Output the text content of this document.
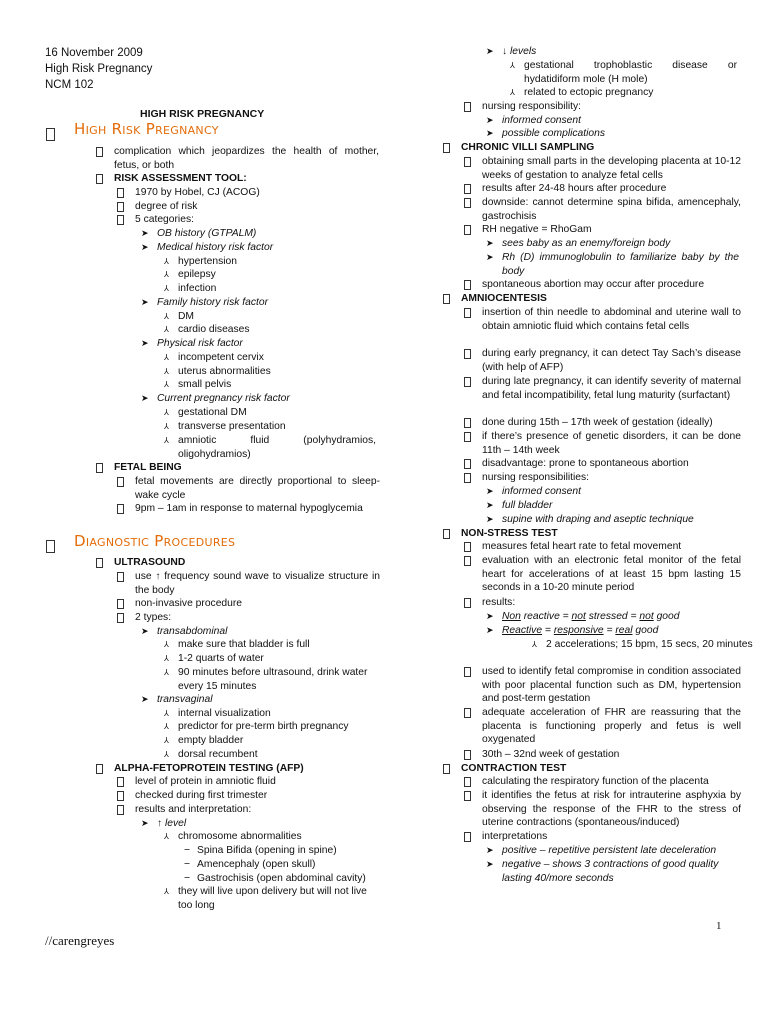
16 November 2009
High Risk Pregnancy
NCM 102
HIGH RISK PREGNANCY
High Risk Pregnancy
complication which jeopardizes the health of mother, fetus, or both
RISK ASSESSMENT TOOL:
1970 by Hobel, CJ (ACOG)
degree of risk
5 categories:
➤ OB history (GTPALM)
➤ Medical history risk factor
⅄ hypertension
⅄ epilepsy
⅄ infection
➤ Family history risk factor
⅄ DM
⅄ cardio diseases
➤ Physical risk factor
⅄ incompetent cervix
⅄ uterus abnormalities
⅄ small pelvis
➤ Current pregnancy risk factor
⅄ gestational DM
⅄ transverse presentation
⅄ amniotic fluid (polyhydramios, oligohydramios)
FETAL BEING
fetal movements are directly proportional to sleep-wake cycle
9pm – 1am in response to maternal hypoglycemia
Diagnostic Procedures
ULTRASOUND
use ↑ frequency sound wave to visualize structure in the body
non-invasive procedure
2 types:
➤ transabdominal
⅄ make sure that bladder is full
⅄ 1-2 quarts of water
⅄ 90 minutes before ultrasound, drink water every 15 minutes
➤ transvaginal
⅄ internal visualization
⅄ predictor for pre-term birth pregnancy
⅄ empty bladder
⅄ dorsal recumbent
ALPHA-FETOPROTEIN TESTING (AFP)
level of protein in amniotic fluid
checked during first trimester
results and interpretation:
➤ ↑ level
⅄ chromosome abnormalities
− Spina Bifida (opening in spine)
− Amencephaly (open skull)
− Gastrochisis (open abdominal cavity)
⅄ they will live upon delivery but will not live too long
➤ ↓ levels
⅄ gestational trophoblastic disease or hydatidiform mole (H mole)
⅄ related to ectopic pregnancy
nursing responsibility:
➤ informed consent
➤ possible complications
CHRONIC VILLI SAMPLING
obtaining small parts in the developing placenta at 10-12 weeks of gestation to analyze fetal cells
results after 24-48 hours after procedure
downside: cannot determine spina bifida, amencephaly, gastrochisis
RH negative = RhoGam
➤ sees baby as an enemy/foreign body
➤ Rh (D) immunoglobulin to familiarize baby by the body
spontaneous abortion may occur after procedure
AMNIOCENTESIS
insertion of thin needle to abdominal and uterine wall to obtain amniotic fluid which contains fetal cells
during early pregnancy, it can detect Tay Sach’s disease (with help of AFP)
during late pregnancy, it can identify severity of maternal and fetal incompatibility, fetal lung maturity (surfactant)
done during 15th – 17th week of gestation (ideally)
if there’s presence of genetic disorders, it can be done 11th – 14th week
disadvantage: prone to spontaneous abortion
nursing responsibilities:
➤ informed consent
➤ full bladder
➤ supine with draping and aseptic technique
NON-STRESS TEST
measures fetal heart rate to fetal movement
evaluation with an electronic fetal monitor of the fetal heart for accelerations of at least 15 bpm lasting 15 seconds in a 10-20 minute period
results:
➤ Non reactive = not stressed = not good
➤ Reactive = responsive = real good
⅄ 2 accelerations; 15 bpm, 15 secs, 20 minutes
used to identify fetal compromise in condition associated with poor placental function such as DM, hypertension and post-term gestation
adequate acceleration of FHR are reassuring that the placenta is functioning properly and fetus is well oxygenated
30th – 32nd week of gestation
CONTRACTION TEST
calculating the respiratory function of the placenta
it identifies the fetus at risk for intrauterine asphyxia by observing the response of the FHR to the stress of uterine contractions (spontaneous/induced)
interpretations
➤ positive – repetitive persistent late deceleration
➤ negative – shows 3 contractions of good quality lasting 40/more seconds
1
//carengreyes
